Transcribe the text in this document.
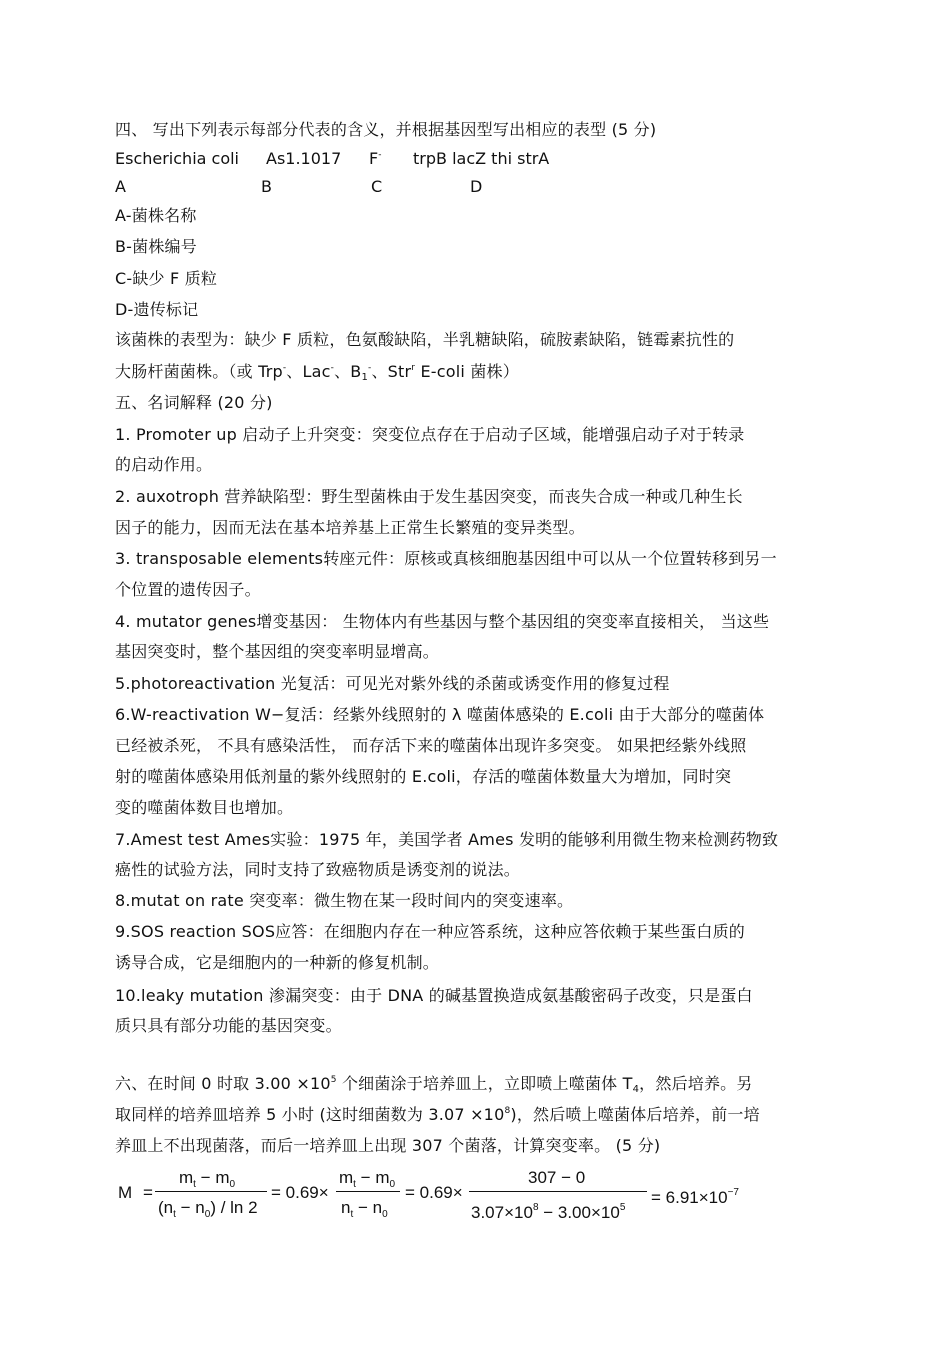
四、 写出下列表示每部分代表的含义，并根据基因型写出相应的表型 (5 分)
Escherichia coli As1.1017 F- trpB lacZ thi strA
A	B	C	D
A-菌株名称
B-菌株编号
C-缺少 F 质粒
D-遗传标记
该菌株的表型为：缺少 F 质粒，色氨酸缺陷，半乳糖缺陷，硫胺素缺陷，链霉素抗性的
大肠杆菌菌株。（或 Trp-、Lac-、$B_1^-$、Str$^r$ E-coli 菌株）
五、名词解释 (20 分)
1. Promoter up 启动子上升突变：突变位点存在于启动子区域，能增强启动子对于转录
的启动作用。
2. auxotroph 营养缺陷型：野生型菌株由于发生基因突变，而丧失合成一种或几种生长
因子的能力，因而无法在基本培养基上正常生长繁殖的变异类型。
3. transposable elements转座元件：原核或真核细胞基因组中可以从一个位置转移到另一
个位置的遗传因子。
4. mutator genes增变基因： 生物体内有些基因与整个基因组的突变率直接相关， 当这些
基因突变时，整个基因组的突变率明显增高。
5.photoreactivation 光复活：可见光对紫外线的杀菌或诱变作用的修复过程
6.W-reactivation W−复活：经紫外线照射的 λ 噬菌体感染的 E.coli 由于大部分的噬菌体
已经被杀死， 不具有感染活性， 而存活下来的噬菌体出现许多突变。 如果把经紫外线照
射的噬菌体感染用低剂量的紫外线照射的 E.coli，存活的噬菌体数量大为增加，同时突
变的噬菌体数目也增加。
7.Amest test Ames实验：1975 年，美国学者 Ames 发明的能够利用微生物来检测药物致
癌性的试验方法，同时支持了致癌物质是诱变剂的说法。
8.mutat on rate 突变率：微生物在某一段时间内的突变速率。
9.SOS reaction SOS应答：在细胞内存在一种应答系统，这种应答依赖于某些蛋白质的
诱导合成，它是细胞内的一种新的修复机制。
10.leaky mutation 渗漏突变：由于 DNA 的碱基置换造成氨基酸密码子改变，只是蛋白
质只具有部分功能的基因突变。
六、在时间 0 时取 $3.00 \times 10^5$ 个细菌涂于培养皿上，立即喷上噬菌体 $T_4$，然后培养。另
取同样的培养皿培养 5 小时 (这时细菌数为 $3.07 \times 10^8$)，然后喷上噬菌体后培养，前一培
养皿上不出现菌落，而后一培养皿上出现 307 个菌落，计算突变率。 (5 分)
M =
$m_t - m_0$
$(n_t - n_0) / \ln 2$
= 0.69×
$m_t - m_0$
$n_t - n_0$
= 0.69×
307 − 0
$3.07\times 10^8 - 3.00\times 10^5$
= $6.91\times 10^{-7}$
